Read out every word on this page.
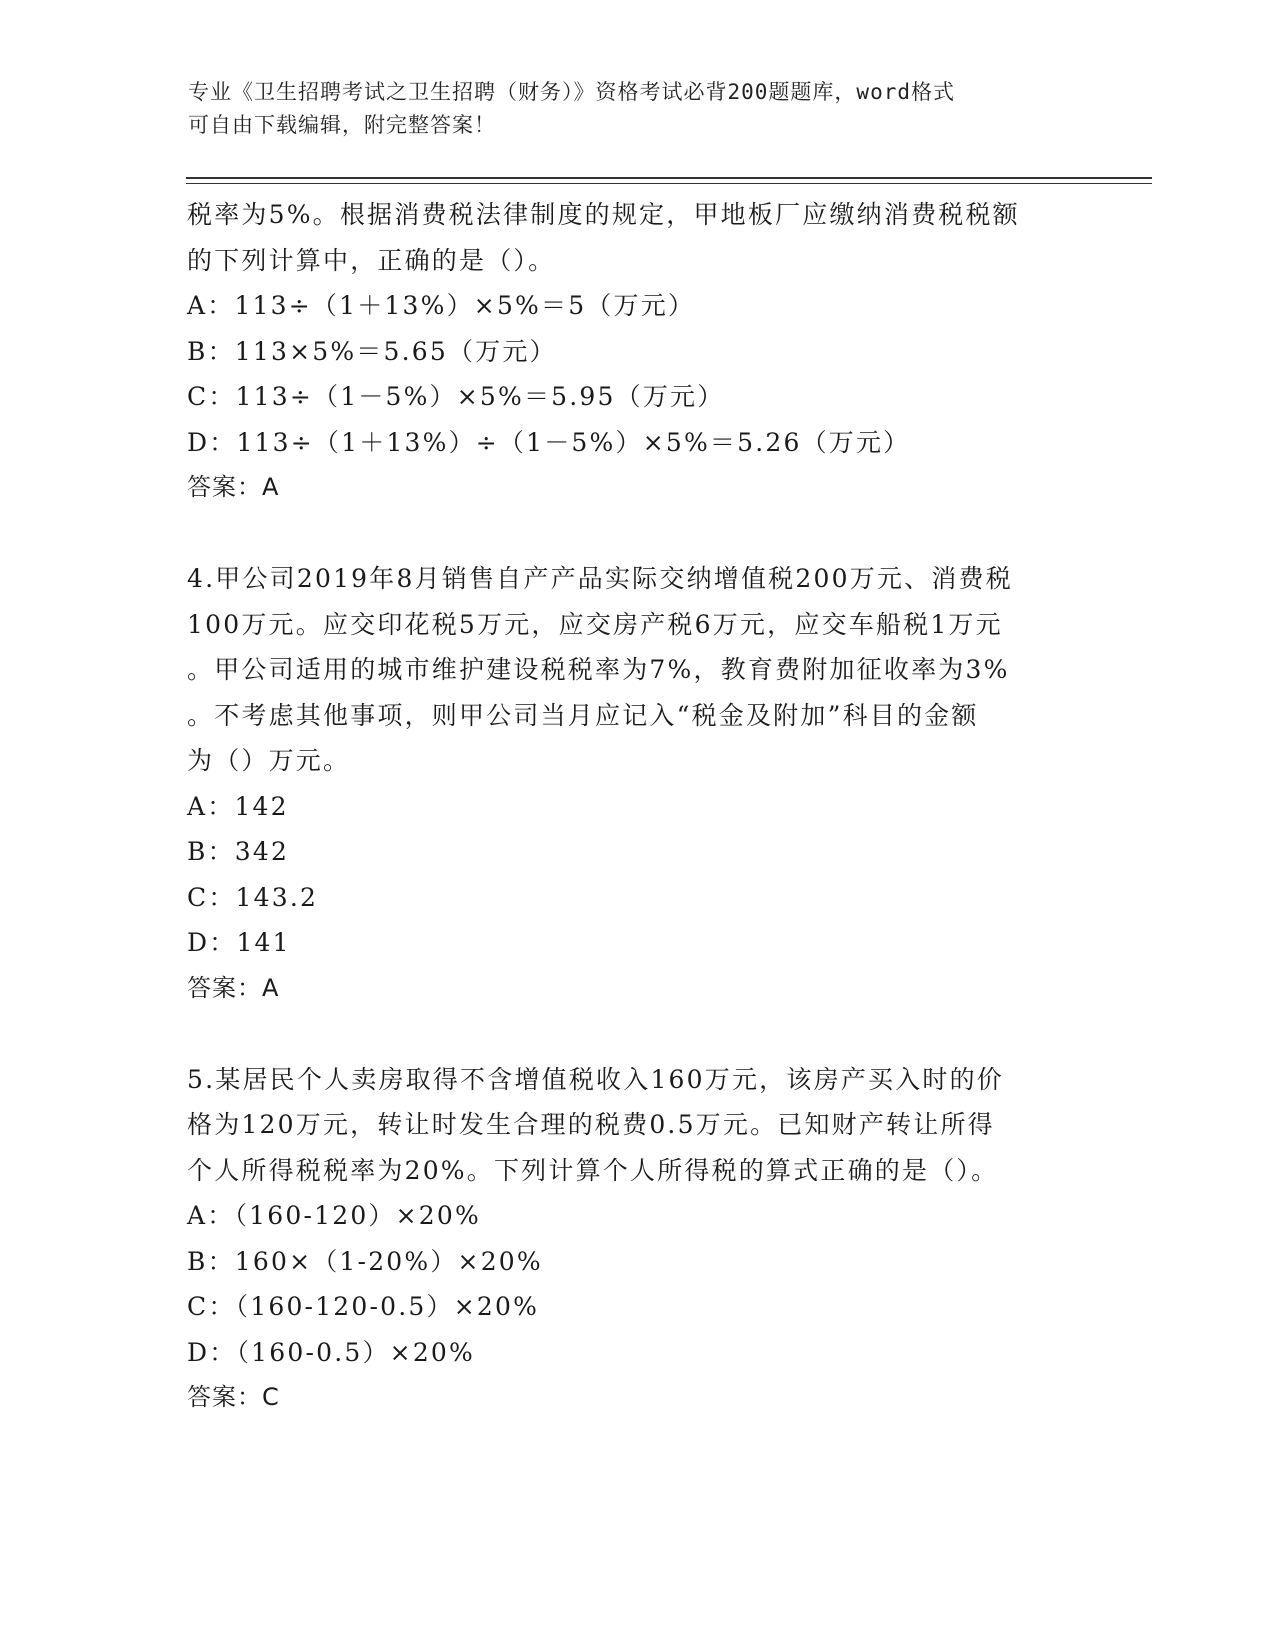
专业《卫生招聘考试之卫生招聘（财务）》资格考试必背200题题库，word格式
可自由下载编辑，附完整答案！
税率为5%。根据消费税法律制度的规定，甲地板厂应缴纳消费税税额
的下列计算中，正确的是（）。
A：113÷（1＋13%）×5%＝5（万元）
B：113×5%＝5.65（万元）
C：113÷（1－5%）×5%＝5.95（万元）
D：113÷（1＋13%）÷（1－5%）×5%＝5.26（万元）
答案：A
4.甲公司2019年8月销售自产产品实际交纳增值税200万元、消费税
100万元。应交印花税5万元，应交房产税6万元，应交车船税1万元
。甲公司适用的城市维护建设税税率为7%，教育费附加征收率为3%
。不考虑其他事项，则甲公司当月应记入“税金及附加”科目的金额
为（）万元。
A：142
B：342
C：143.2
D：141
答案：A
5.某居民个人卖房取得不含增值税收入160万元，该房产买入时的价
格为120万元，转让时发生合理的税费0.5万元。已知财产转让所得
个人所得税税率为20%。下列计算个人所得税的算式正确的是（）。
A：（160-120）×20%
B：160×（1-20%）×20%
C：（160-120-0.5）×20%
D：（160-0.5）×20%
答案：C
